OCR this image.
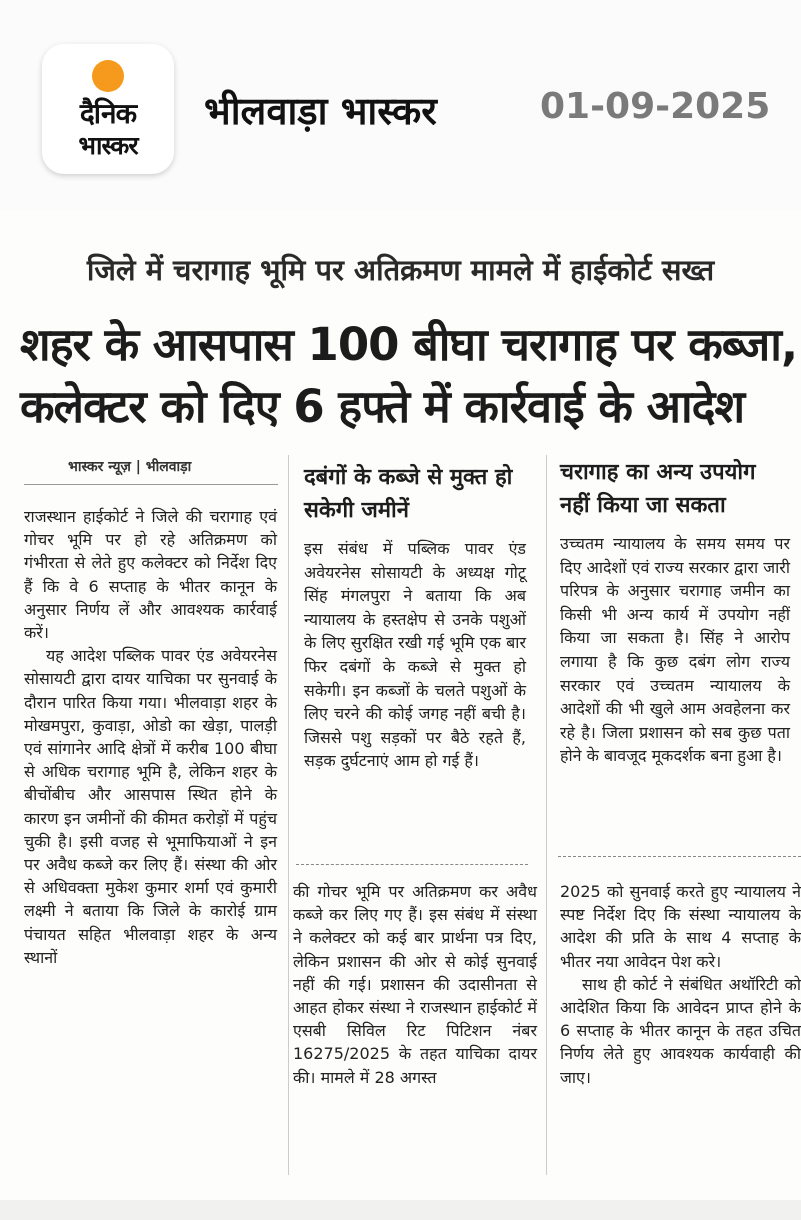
दैनिक
भास्कर
भीलवाड़ा भास्कर	01-09-2025
जिले में चरागाह भूमि पर अतिक्रमण मामले में हाईकोर्ट सख्त
शहर के आसपास 100 बीघा चरागाह पर कब्जा,
कलेक्टर को दिए 6 हफ्ते में कार्रवाई के आदेश
भास्कर न्यूज़ | भीलवाड़ा

राजस्थान हाईकोर्ट ने जिले की चरागाह एवं गोचर भूमि पर हो रहे अतिक्रमण को गंभीरता से लेते हुए कलेक्टर को निर्देश दिए हैं कि वे 6 सप्ताह के भीतर कानून के अनुसार निर्णय लें और आवश्यक कार्रवाई करें।

यह आदेश पब्लिक पावर एंड अवेयरनेस सोसायटी द्वारा दायर याचिका पर सुनवाई के दौरान पारित किया गया। भीलवाड़ा शहर के मोखमपुरा, कुवाड़ा, ओडो का खेड़ा, पालड़ी एवं सांगानेर आदि क्षेत्रों में करीब 100 बीघा से अधिक चरागाह भूमि है, लेकिन शहर के बीचोंबीच और आसपास स्थित होने के कारण इन जमीनों की कीमत करोड़ों में पहुंच चुकी है। इसी वजह से भूमाफियाओं ने इन पर अवैध कब्जे कर लिए हैं। संस्था की ओर से अधिवक्ता मुकेश कुमार शर्मा एवं कुमारी लक्ष्मी ने बताया कि जिले के कारोई ग्राम पंचायत सहित भीलवाड़ा शहर के अन्य स्थानों

दबंगों के कब्जे से मुक्त हो सकेगी जमीनें

इस संबंध में पब्लिक पावर एंड अवेयरनेस सोसायटी के अध्यक्ष गोटू सिंह मंगलपुरा ने बताया कि अब न्यायालय के हस्तक्षेप से उनके पशुओं के लिए सुरक्षित रखी गई भूमि एक बार फिर दबंगों के कब्जे से मुक्त हो सकेगी। इन कब्जों के चलते पशुओं के लिए चरने की कोई जगह नहीं बची है। जिससे पशु सड़कों पर बैठे रहते हैं, सड़क दुर्घटनाएं आम हो गई हैं।

की गोचर भूमि पर अतिक्रमण कर अवैध कब्जे कर लिए गए हैं। इस संबंध में संस्था ने कलेक्टर को कई बार प्रार्थना पत्र दिए, लेकिन प्रशासन की ओर से कोई सुनवाई नहीं की गई। प्रशासन की उदासीनता से आहत होकर संस्था ने राजस्थान हाईकोर्ट में एसबी सिविल रिट पिटिशन नंबर 16275/2025 के तहत याचिका दायर की। मामले में 28 अगस्त

चरागाह का अन्य उपयोग नहीं किया जा सकता

उच्चतम न्यायालय के समय समय पर दिए आदेशों एवं राज्य सरकार द्वारा जारी परिपत्र के अनुसार चरागाह जमीन का किसी भी अन्य कार्य में उपयोग नहीं किया जा सकता है। सिंह ने आरोप लगाया है कि कुछ दबंग लोग राज्य सरकार एवं उच्चतम न्यायालय के आदेशों की भी खुले आम अवहेलना कर रहे है। जिला प्रशासन को सब कुछ पता होने के बावजूद मूकदर्शक बना हुआ है।

2025 को सुनवाई करते हुए न्यायालय ने स्पष्ट निर्देश दिए कि संस्था न्यायालय के आदेश की प्रति के साथ 4 सप्ताह के भीतर नया आवेदन पेश करे।

साथ ही कोर्ट ने संबंधित अथॉरिटी को आदेशित किया कि आवेदन प्राप्त होने के 6 सप्ताह के भीतर कानून के तहत उचित निर्णय लेते हुए आवश्यक कार्यवाही की जाए।
